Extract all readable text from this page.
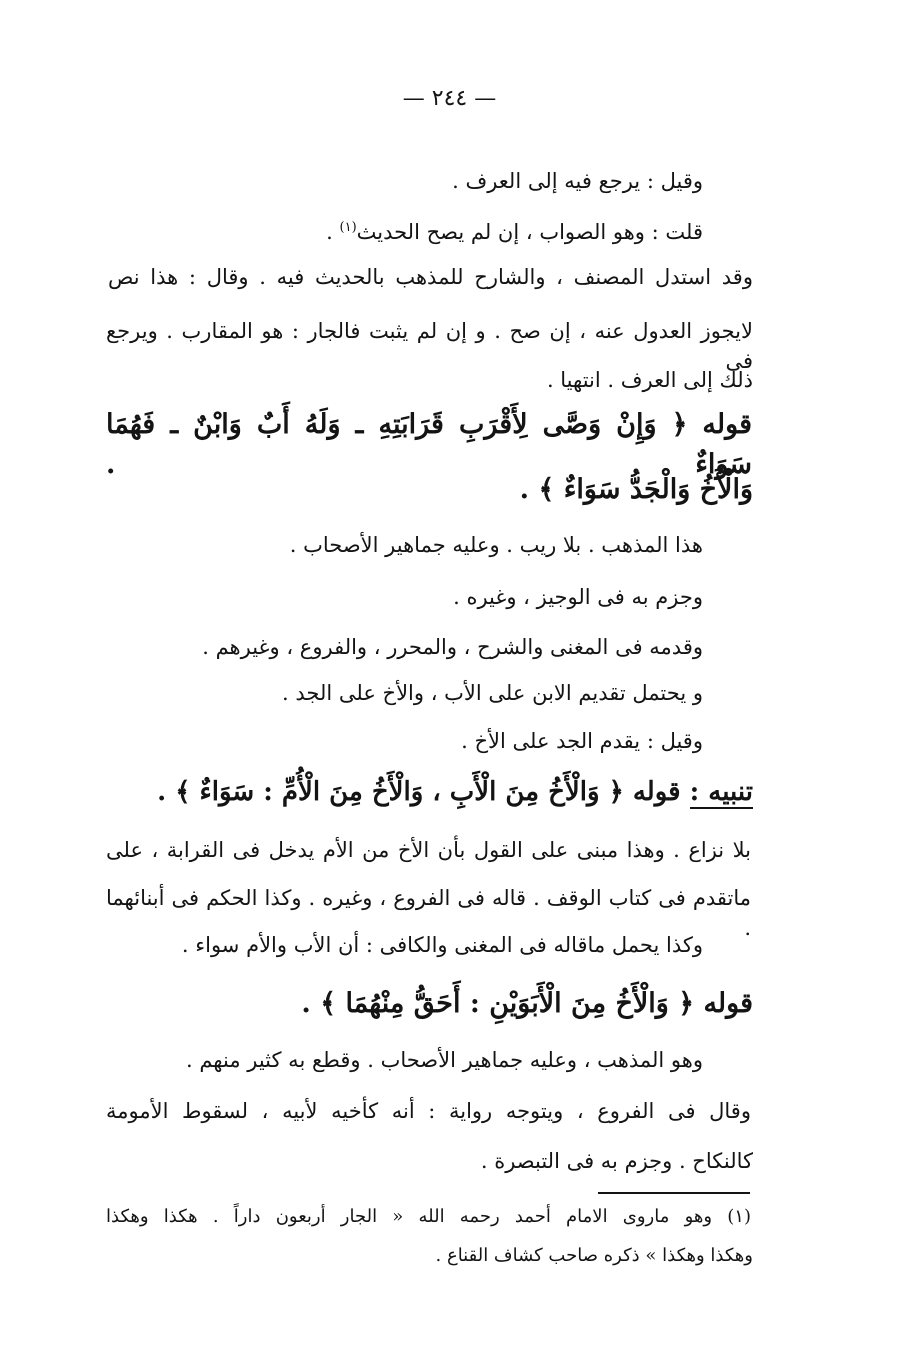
— ٢٤٤ —
وقيل : يرجع فيه إلى العرف .
قلت : وهو الصواب ، إن لم يصح الحديث$^{(١)}$ .
وقد استدل المصنف ، والشارح للمذهب بالحديث فيه . وقال : هذا نص
لايجوز العدول عنه ، إن صح . و إن لم يثبت فالجار : هو المقارب . ويرجع فى
ذلك إلى العرف . انتهيا .
قوله ﴿ وَإِنْ وَصَّى لِأَقْرَبِ قَرَابَتِهِ ـ وَلَهُ أَبٌ وَابْنٌ ـ فَهُمَا سَوَاءٌ .
وَالْأَخُ وَالْجَدُّ سَوَاءٌ ﴾ .
هذا المذهب . بلا ريب . وعليه جماهير الأصحاب .
وجزم به فى الوجيز ، وغيره .
وقدمه فى المغنى والشرح ، والمحرر ، والفروع ، وغيرهم .
و يحتمل تقديم الابن على الأب ، والأخ على الجد .
وقيل : يقدم الجد على الأخ .
تنبيه : قوله ﴿ وَالْأَخُ مِنَ الْأَبِ ، وَالْأَخُ مِنَ الْأُمِّ : سَوَاءٌ ﴾ .
بلا نزاع . وهذا مبنى على القول بأن الأخ من الأم يدخل فى القرابة ، على
ماتقدم فى كتاب الوقف . قاله فى الفروع ، وغيره . وكذا الحكم فى أبنائهما .
وكذا يحمل ماقاله فى المغنى والكافى : أن الأب والأم سواء .
قوله ﴿ وَالْأَخُ مِنَ الْأَبَوَيْنِ : أَحَقُّ مِنْهُمَا ﴾ .
وهو المذهب ، وعليه جماهير الأصحاب . وقطع به كثير منهم .
وقال فى الفروع ، ويتوجه رواية : أنه كأخيه لأبيه ، لسقوط الأمومة
كالنكاح . وجزم به فى التبصرة .
(١) وهو ماروى الامام أحمد رحمه الله « الجار أربعون داراً . هكذا وهكذا
وهكذا وهكذا » ذكره صاحب كشاف القناع .
